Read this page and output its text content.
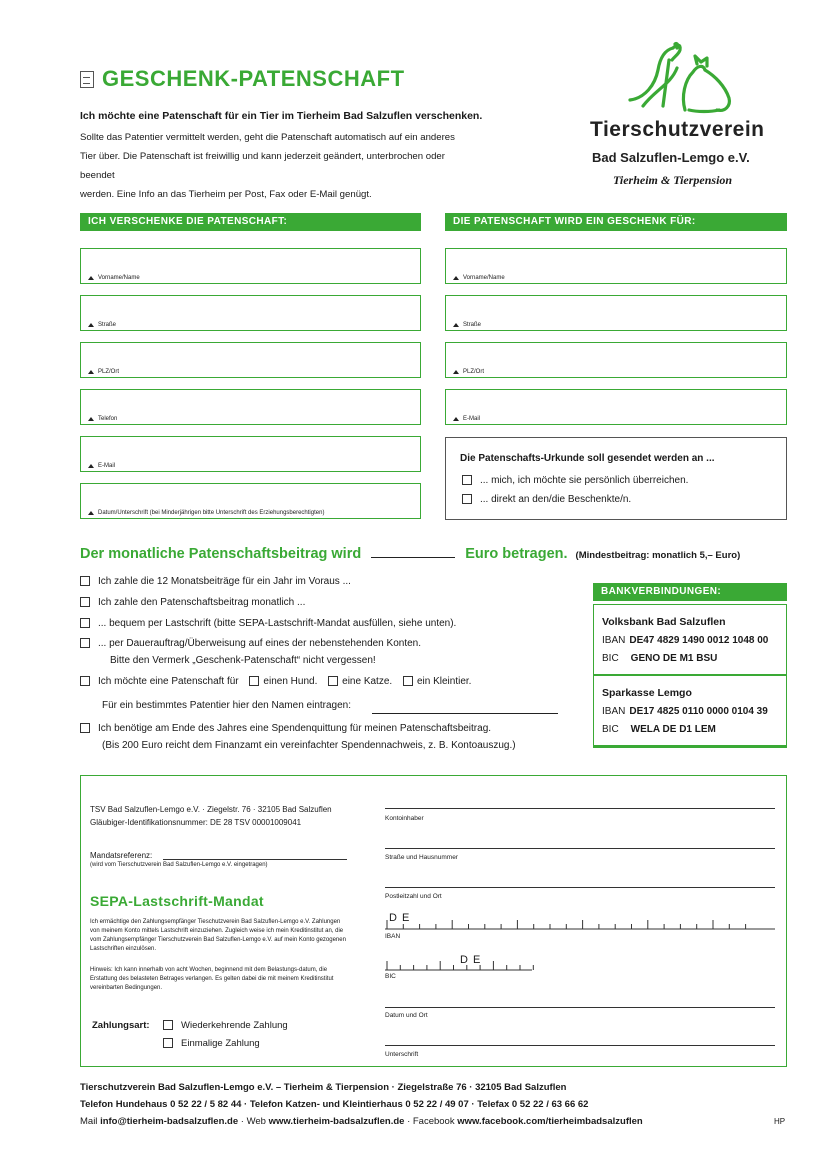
GESCHENK-PATENSCHAFT
Ich möchte eine Patenschaft für ein Tier im Tierheim Bad Salzuflen verschenken.
Sollte das Patentier vermittelt werden, geht die Patenschaft automatisch auf ein anderes
Tier über. Die Patenschaft ist freiwillig und kann jederzeit geändert, unterbrochen oder beendet
werden. Eine Info an das Tierheim per Post, Fax oder E-Mail genügt.
Tierschutzverein
Bad Salzuflen-Lemgo e.V.
Tierheim & Tierpension
ICH VERSCHENKE DIE PATENSCHAFT:
Vorname/Name
Straße
PLZ/Ort
Telefon
E-Mail
Datum/Unterschrift (bei Minderjährigen bitte Unterschrift des Erziehungsberechtigten)
DIE PATENSCHAFT WIRD EIN GESCHENK FÜR:
Vorname/Name
Straße
PLZ/Ort
E-Mail
Die Patenschafts-Urkunde soll gesendet werden an ...
... mich, ich möchte sie persönlich überreichen.
... direkt an den/die Beschenkte/n.
Der monatliche Patenschaftsbeitrag wird	Euro betragen. (Mindestbeitrag: monatlich 5,– Euro)
Ich zahle die 12 Monatsbeiträge für ein Jahr im Voraus ...
Ich zahle den Patenschaftsbeitrag monatlich ...
... bequem per Lastschrift (bitte SEPA-Lastschrift-Mandat ausfüllen, siehe unten).
... per Dauerauftrag/Überweisung auf eines der nebenstehenden Konten.
Bitte den Vermerk „Geschenk-Patenschaft“ nicht vergessen!
Ich möchte eine Patenschaft für einen Hund. eine Katze. ein Kleintier.
Für ein bestimmtes Patentier hier den Namen eintragen:
Ich benötige am Ende des Jahres eine Spendenquittung für meinen Patenschaftsbeitrag.
(Bis 200 Euro reicht dem Finanzamt ein vereinfachter Spendennachweis, z. B. Kontoauszug.)
BANKVERBINDUNGEN:
Volksbank Bad Salzuflen
IBAN DE47 4829 1490 0012 1048 00
BIC GENO DE M1 BSU
Sparkasse Lemgo
IBAN DE17 4825 0110 0000 0104 39
BIC WELA DE D1 LEM
TSV Bad Salzuflen-Lemgo e.V. · Ziegelstr. 76 · 32105 Bad Salzuflen
Gläubiger-Identifikationsnummer: DE 28 TSV 00001009041
Mandatsreferenz:
(wird vom Tierschutzverein Bad Salzuflen-Lemgo e.V. eingetragen)
SEPA-Lastschrift-Mandat
Ich ermächtige den Zahlungsempfänger Tieschutzverein Bad Salzuflen-Lemgo e.V. Zahlungen von meinem Konto mittels Lastschrift einzuziehen. Zugleich weise ich mein Kreditinstitut an, die vom Zahlungsempfänger Tierschutzverein Bad Salzuflen-Lemgo e.V. auf mein Konto gezogenen Lastschriften einzulösen.
Hinweis: Ich kann innerhalb von acht Wochen, beginnend mit dem Belastungs-datum, die Erstattung des belasteten Betrages verlangen. Es gelten dabei die mit meinem Kreditinstitut vereinbarten Bedingungen.
Zahlungsart:	Wiederkehrende Zahlung
Einmalige Zahlung
Kontoinhaber
Straße und Hausnummer
Postleitzahl und Ort
D E
IBAN
D E
BIC
Datum und Ort
Unterschrift
Tierschutzverein Bad Salzuflen-Lemgo e.V. – Tierheim & Tierpension · Ziegelstraße 76 · 32105 Bad Salzuflen
Telefon Hundehaus 0 52 22 / 5 82 44 · Telefon Katzen- und Kleintierhaus 0 52 22 / 49 07 · Telefax 0 52 22 / 63 66 62
Mail info@tierheim-badsalzuflen.de · Web www.tierheim-badsalzuflen.de · Facebook www.facebook.com/tierheimbadsalzuflen	HP
